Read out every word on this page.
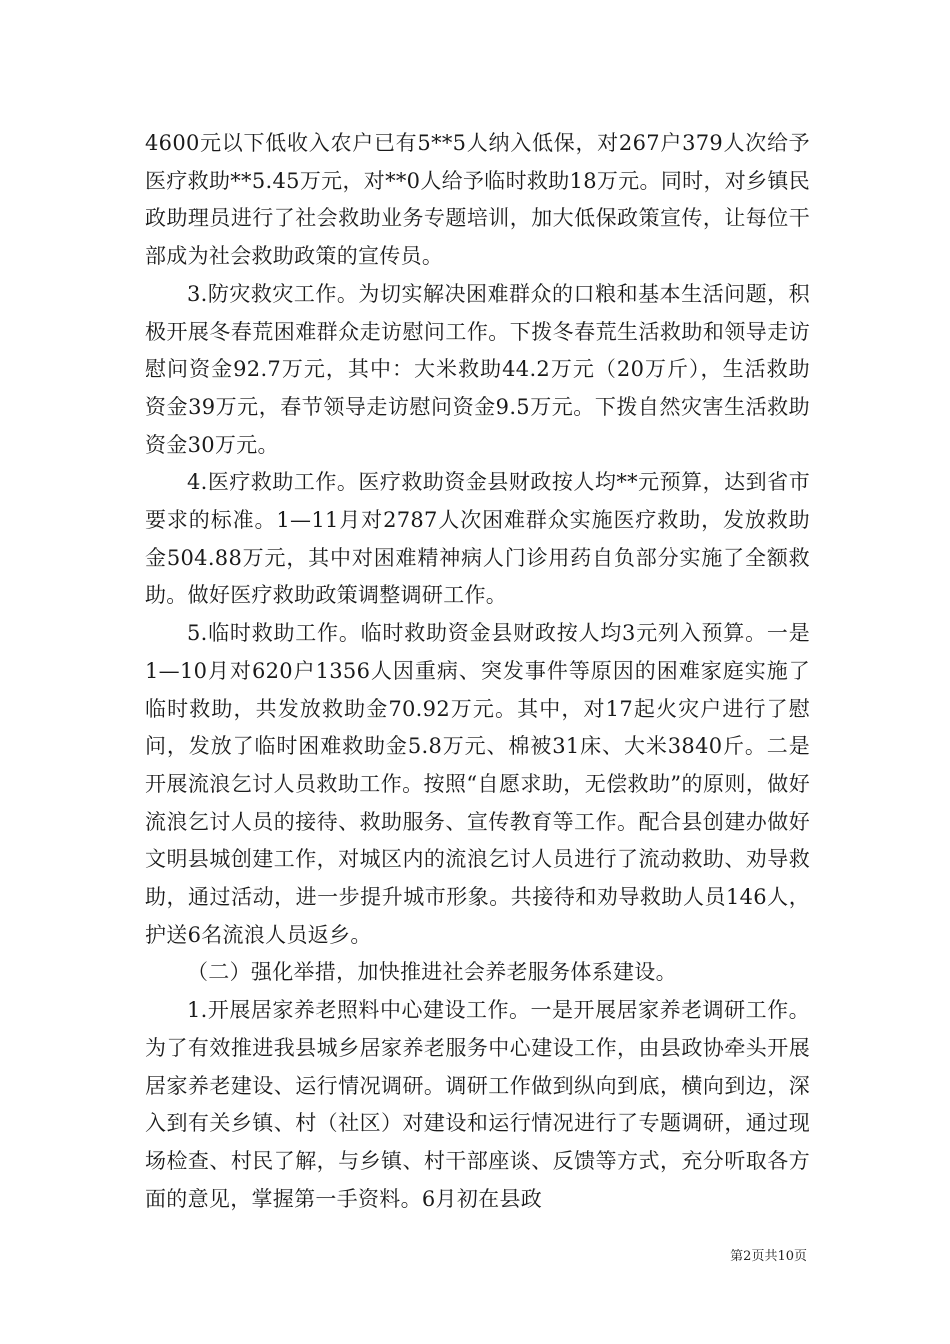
4600元以下低收入农户已有5**5人纳入低保，对267户379人次给予医疗救助**5.45万元，对**0人给予临时救助18万元。同时，对乡镇民政助理员进行了社会救助业务专题培训，加大低保政策宣传，让每位干部成为社会救助政策的宣传员。

3.防灾救灾工作。为切实解决困难群众的口粮和基本生活问题，积极开展冬春荒困难群众走访慰问工作。下拨冬春荒生活救助和领导走访慰问资金92.7万元，其中：大米救助44.2万元（20万斤），生活救助资金39万元，春节领导走访慰问资金9.5万元。下拨自然灾害生活救助资金30万元。

4.医疗救助工作。医疗救助资金县财政按人均**元预算，达到省市要求的标准。1—11月对2787人次困难群众实施医疗救助，发放救助金504.88万元，其中对困难精神病人门诊用药自负部分实施了全额救助。做好医疗救助政策调整调研工作。

5.临时救助工作。临时救助资金县财政按人均3元列入预算。一是1—10月对620户1356人因重病、突发事件等原因的困难家庭实施了临时救助，共发放救助金70.92万元。其中，对17起火灾户进行了慰问，发放了临时困难救助金5.8万元、棉被31床、大米3840斤。二是开展流浪乞讨人员救助工作。按照“自愿求助，无偿救助”的原则，做好流浪乞讨人员的接待、救助服务、宣传教育等工作。配合县创建办做好文明县城创建工作，对城区内的流浪乞讨人员进行了流动救助、劝导救助，通过活动，进一步提升城市形象。共接待和劝导救助人员146人，护送6名流浪人员返乡。

（二）强化举措，加快推进社会养老服务体系建设。

1.开展居家养老照料中心建设工作。一是开展居家养老调研工作。为了有效推进我县城乡居家养老服务中心建设工作，由县政协牵头开展居家养老建设、运行情况调研。调研工作做到纵向到底，横向到边，深入到有关乡镇、村（社区）对建设和运行情况进行了专题调研，通过现场检查、村民了解，与乡镇、村干部座谈、反馈等方式，充分听取各方面的意见，掌握第一手资料。6月初在县政

第2页共10页
